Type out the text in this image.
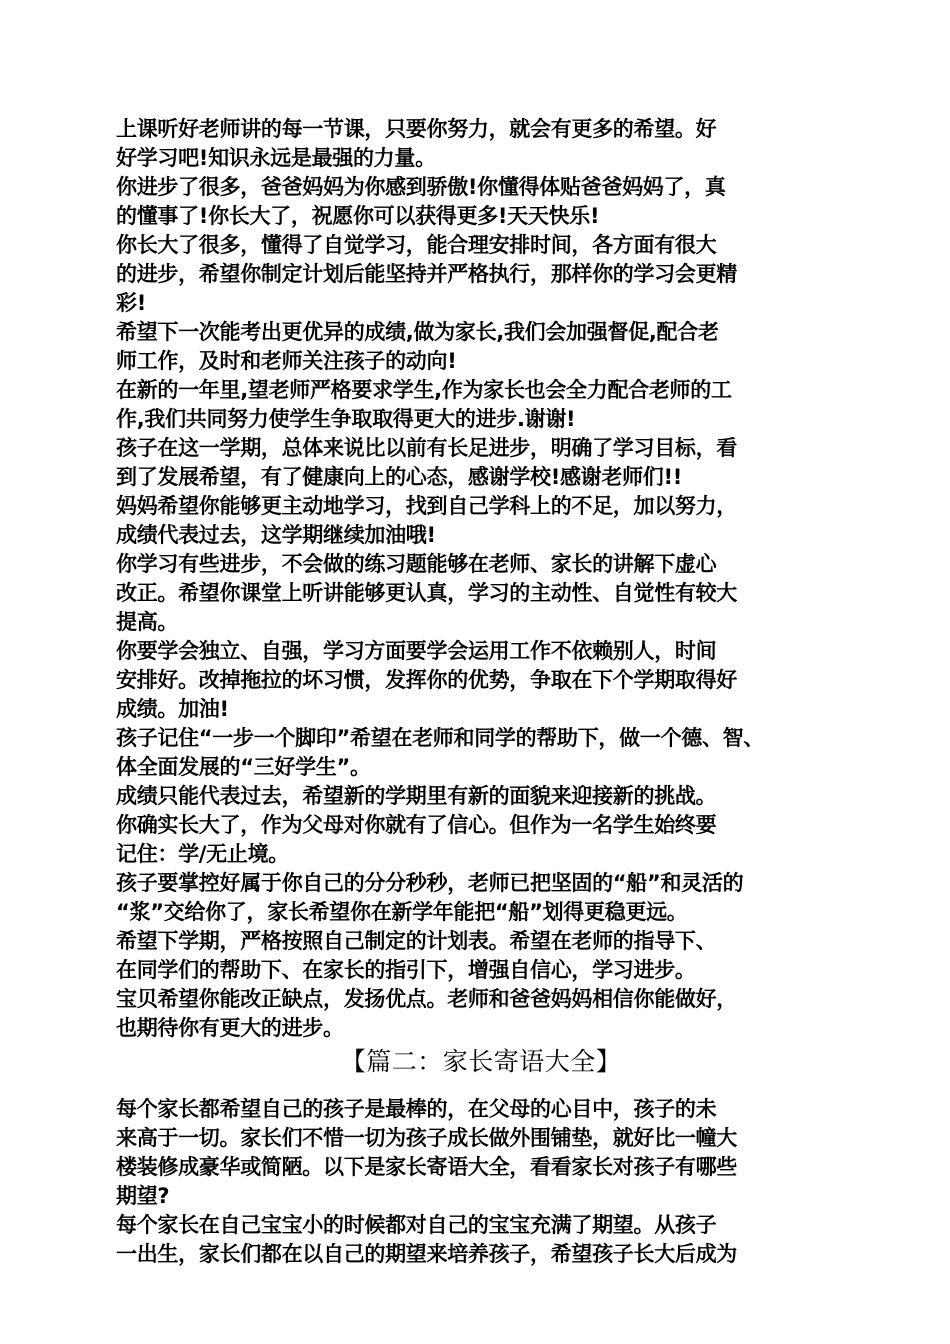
上课听好老师讲的每一节课，只要你努力，就会有更多的希望。好

好学习吧!知识永远是最强的力量。

你进步了很多，爸爸妈妈为你感到骄傲!你懂得体贴爸爸妈妈了，真

的懂事了!你长大了，祝愿你可以获得更多!天天快乐!

你长大了很多，懂得了自觉学习，能合理安排时间，各方面有很大

的进步，希望你制定计划后能坚持并严格执行，那样你的学习会更精

彩!

希望下一次能考出更优异的成绩,做为家长,我们会加强督促,配合老

师工作，及时和老师关注孩子的动向!

在新的一年里,望老师严格要求学生,作为家长也会全力配合老师的工

作,我们共同努力使学生争取取得更大的进步.谢谢!

孩子在这一学期，总体来说比以前有长足进步，明确了学习目标，看

到了发展希望，有了健康向上的心态，感谢学校!感谢老师们!!

妈妈希望你能够更主动地学习，找到自己学科上的不足，加以努力，

成绩代表过去，这学期继续加油哦!

你学习有些进步，不会做的练习题能够在老师、家长的讲解下虚心

改正。希望你课堂上听讲能够更认真，学习的主动性、自觉性有较大

提高。

你要学会独立、自强，学习方面要学会运用工作不依赖别人，时间

安排好。改掉拖拉的坏习惯，发挥你的优势，争取在下个学期取得好

成绩。加油!

孩子记住“一步一个脚印”希望在老师和同学的帮助下，做一个德、智、

体全面发展的“三好学生”。

成绩只能代表过去，希望新的学期里有新的面貌来迎接新的挑战。

你确实长大了，作为父母对你就有了信心。但作为一名学生始终要

记住：学/无止境。

孩子要掌控好属于你自己的分分秒秒，老师已把坚固的“船”和灵活的

“浆”交给你了，家长希望你在新学年能把“船”划得更稳更远。

希望下学期，严格按照自己制定的计划表。希望在老师的指导下、

在同学们的帮助下、在家长的指引下，增强自信心，学习进步。

宝贝希望你能改正缺点，发扬优点。老师和爸爸妈妈相信你能做好，

也期待你有更大的进步。

【篇二：家长寄语大全】

每个家长都希望自己的孩子是最棒的，在父母的心目中，孩子的未

来高于一切。家长们不惜一切为孩子成长做外围铺垫，就好比一幢大

楼装修成豪华或简陋。以下是家长寄语大全，看看家长对孩子有哪些

期望?

每个家长在自己宝宝小的时候都对自己的宝宝充满了期望。从孩子

一出生，家长们都在以自己的期望来培养孩子，希望孩子长大后成为
